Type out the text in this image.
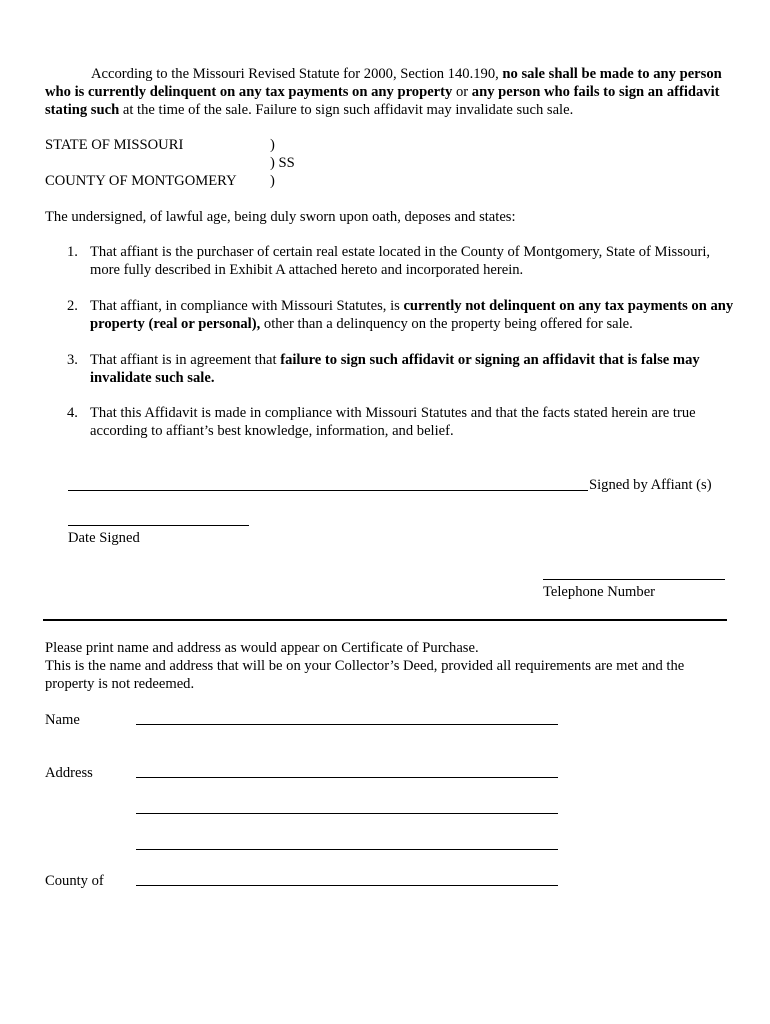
According to the Missouri Revised Statute for 2000, Section 140.190, no sale shall be made to any person who is currently delinquent on any tax payments on any property or any person who fails to sign an affidavit stating such at the time of the sale. Failure to sign such affidavit may invalidate such sale.
STATE OF MISSOURI	)
) SS
COUNTY OF MONTGOMERY )
The undersigned, of lawful age, being duly sworn upon oath, deposes and states:
1. That affiant is the purchaser of certain real estate located in the County of Montgomery, State of Missouri, more fully described in Exhibit A attached hereto and incorporated herein.
2. That affiant, in compliance with Missouri Statutes, is currently not delinquent on any tax payments on any property (real or personal), other than a delinquency on the property being offered for sale.
3. That affiant is in agreement that failure to sign such affidavit or signing an affidavit that is false may invalidate such sale.
4. That this Affidavit is made in compliance with Missouri Statutes and that the facts stated herein are true according to affiant’s best knowledge, information, and belief.
Signed by Affiant (s)
Date Signed
Telephone Number
Please print name and address as would appear on Certificate of Purchase.
This is the name and address that will be on your Collector’s Deed, provided all requirements are met and the property is not redeemed.
Name
Address
County of
